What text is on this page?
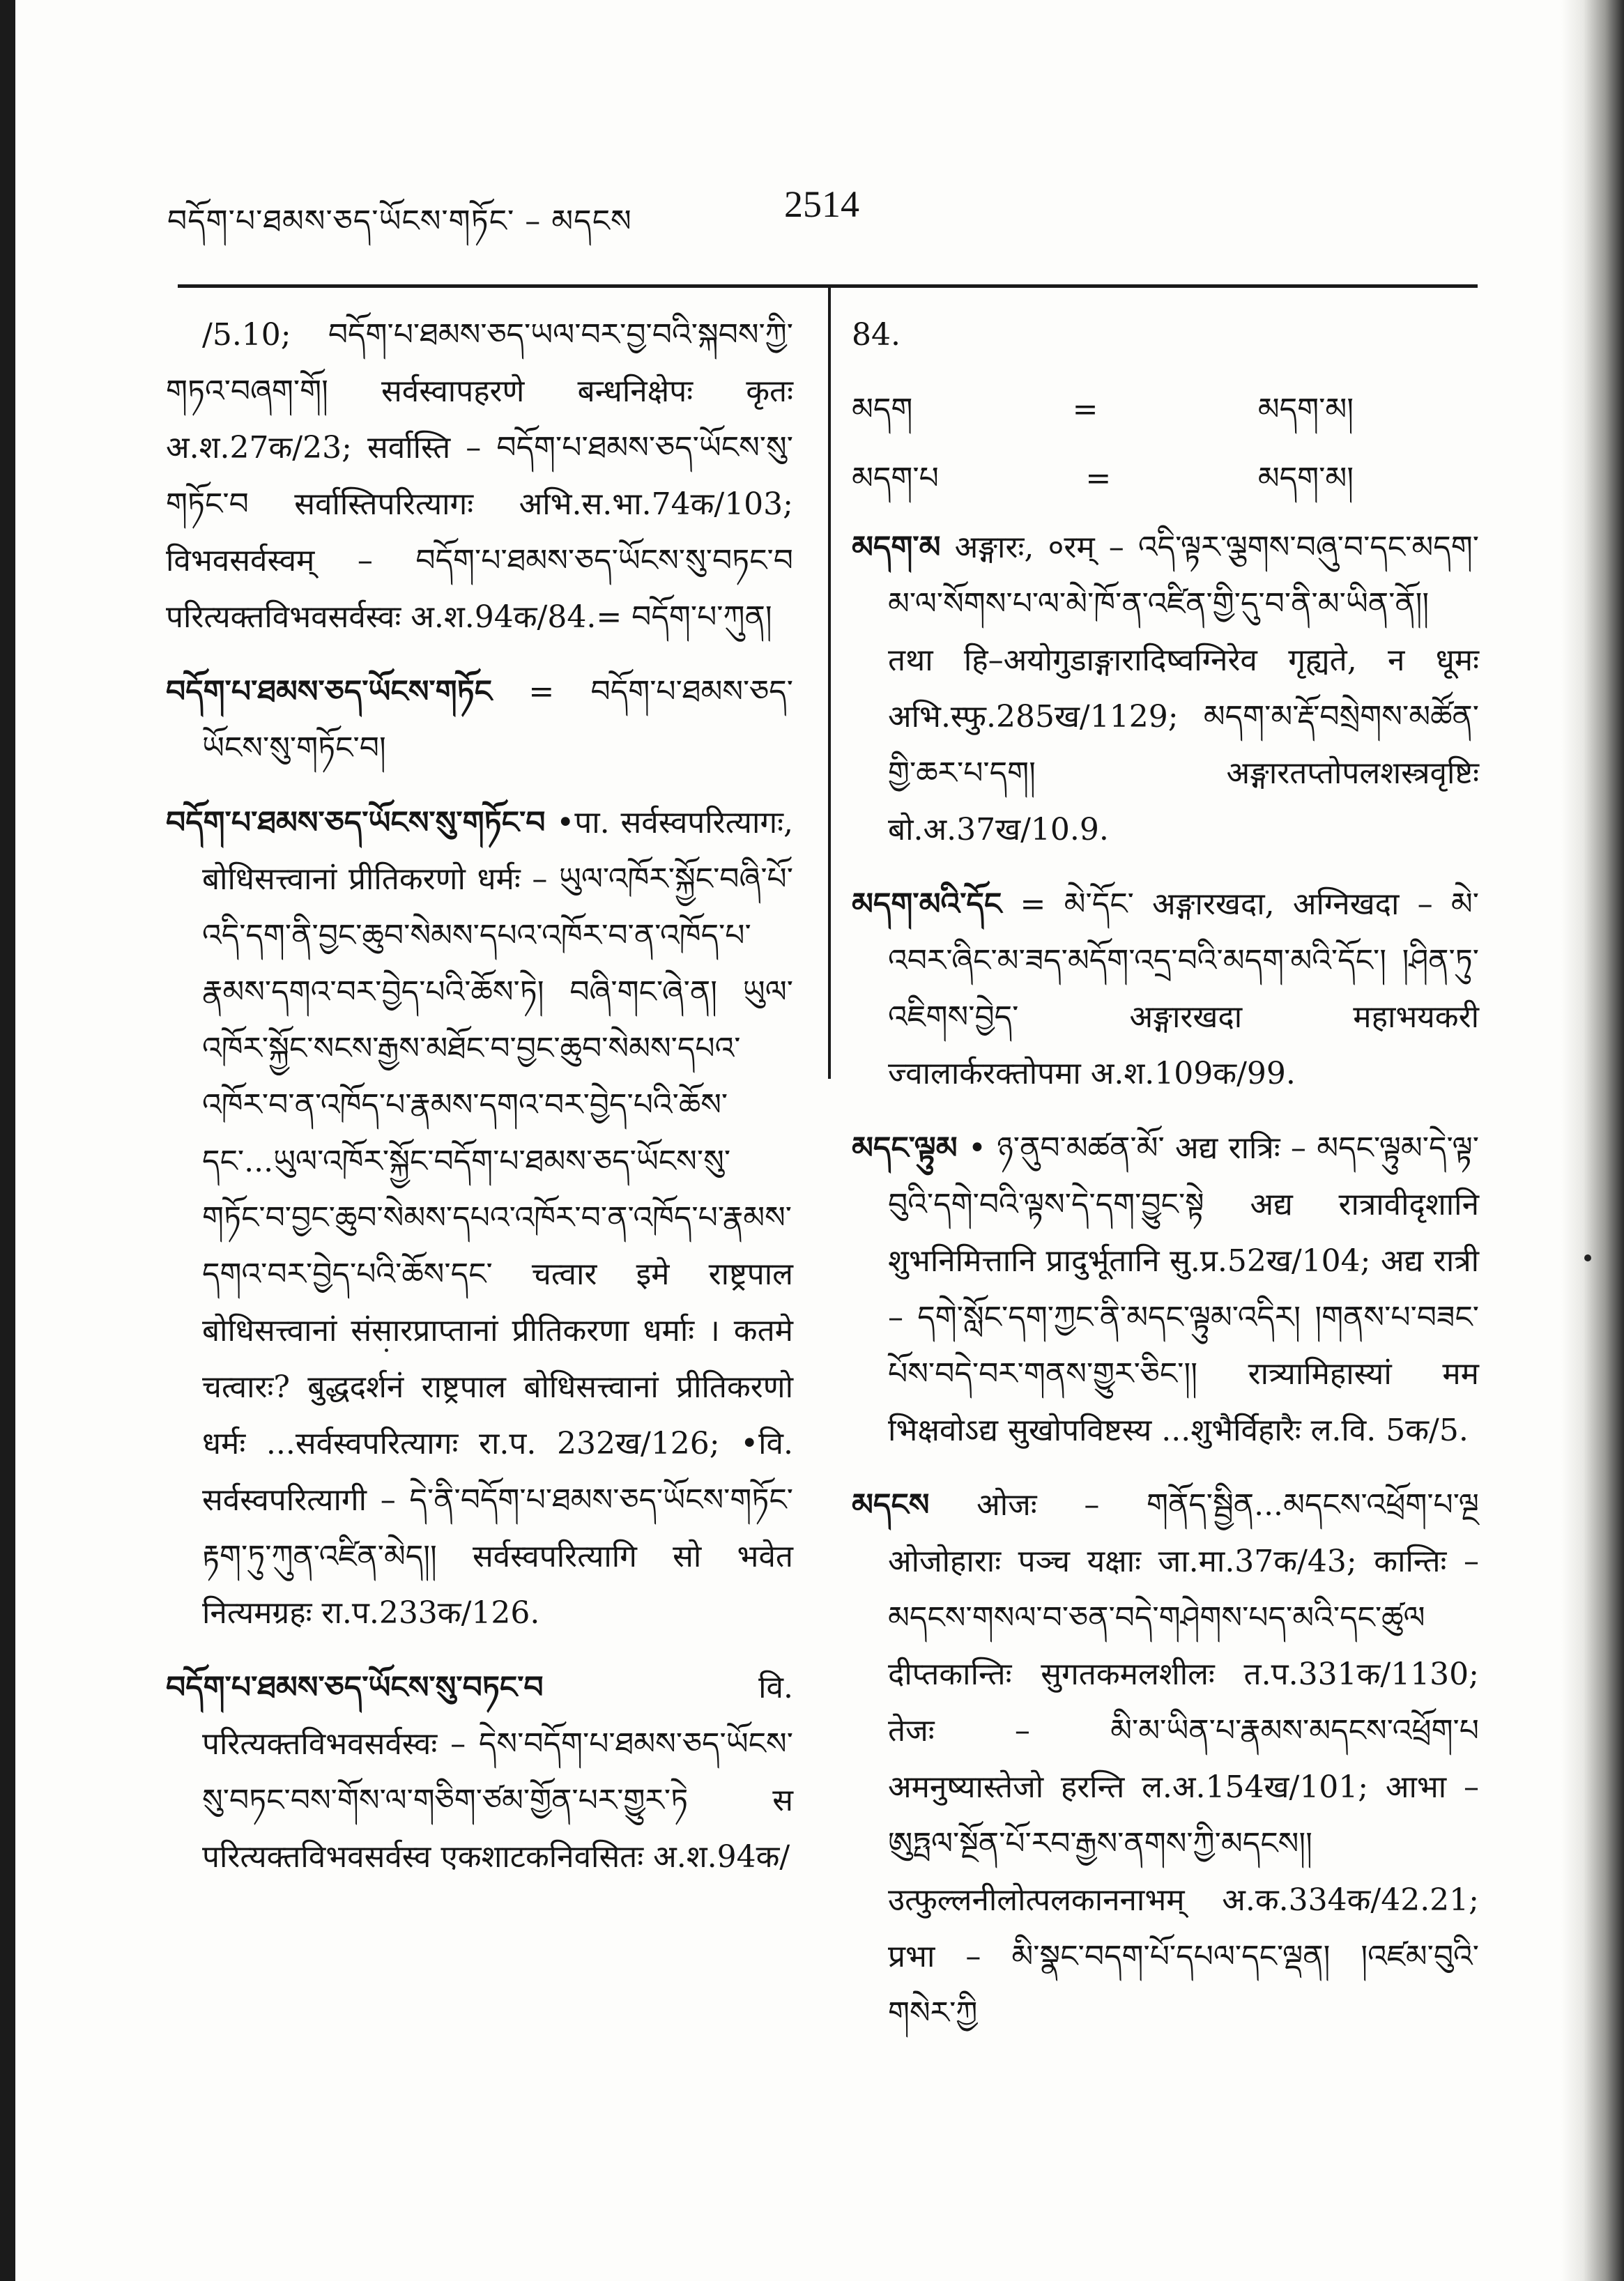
བདོག་པ་ཐམས་ཅད་ཡོངས་གཏོང་ – མདངས	2514

/5.10; བདོག་པ་ཐམས་ཅད་ཡལ་བར་བྱ་བའི་སྐབས་ཀྱི་གཏའ་བཞག་གོ། सर्वस्वापहरणे बन्धनिक्षेपः कृतः अ.श.27क/23; सर्वास्ति – བདོག་པ་ཐམས་ཅད་ཡོངས་སུ་གཏོང་བ सर्वास्तिपरित्यागः अभि.स.भा.74क/103; विभवसर्वस्वम् – བདོག་པ་ཐམས་ཅད་ཡོངས་སུ་བཏང་བ परित्यक्तविभवसर्वस्वः अ.श.94क/84.= བདོག་པ་ཀུན།

བདོག་པ་ཐམས་ཅད་ཡོངས་གཏོང = བདོག་པ་ཐམས་ཅད་ཡོངས་སུ་གཏོང་བ།

བདོག་པ་ཐམས་ཅད་ཡོངས་སུ་གཏོང་བ •पा. सर्वस्वपरित्यागः, बोधिसत्त्वानां प्रीतिकरणो धर्मः – ཡུལ་འཁོར་སྐྱོང་བཞི་པོ་འདི་དག་ནི་བྱང་ཆུབ་སེམས་དཔའ་འཁོར་བ་ན་འཁོད་པ་རྣམས་དགའ་བར་བྱེད་པའི་ཆོས་ཏེ། བཞི་གང་ཞེ་ན། ཡུལ་འཁོར་སྐྱོང་སངས་རྒྱས་མཐོང་བ་བྱང་ཆུབ་སེམས་དཔའ་འཁོར་བ་ན་འཁོད་པ་རྣམས་དགའ་བར་བྱེད་པའི་ཆོས་དང་...ཡུལ་འཁོར་སྐྱོང་བདོག་པ་ཐམས་ཅད་ཡོངས་སུ་གཏོང་བ་བྱང་ཆུབ་སེམས་དཔའ་འཁོར་བ་ན་འཁོད་པ་རྣམས་དགའ་བར་བྱེད་པའི་ཆོས་དང་ चत्वार इमे राष्ट्रपाल बोधिसत्त्वानां संसारप्राप्तानां प्रीतिकरणा धर्माः । कतमे चत्वारः? बुद्धदर्शनं राष्ट्रपाल बोधिसत्त्वानां प्रीतिकरणो धर्मः ...सर्वस्वपरित्यागः रा.प. 232ख/126; •वि. सर्वस्वपरित्यागी – དེ་ནི་བདོག་པ་ཐམས་ཅད་ཡོངས་གཏོང་རྟག་ཏུ་ཀུན་འཛིན་མེད།། सर्वस्वपरित्यागि सो भवेत नित्यमग्रहः रा.प.233क/126.

བདོག་པ་ཐམས་ཅད་ཡོངས་སུ་བཏང་བ	वि. परित्यक्तविभवसर्वस्वः – དེས་བདོག་པ་ཐམས་ཅད་ཡོངས་སུ་བཏང་བས་གོས་ལ་གཅིག་ཙམ་གྱོན་པར་གྱུར་ཏེ स परित्यक्तविभवसर्वस्व एकशाटकनिवसितः अ.श.94क/

84.

མདག	=	མདག་མ།
མདག་པ	=	མདག་མ།

མདག་མ अङ्गारः, ०रम् – འདི་ལྟར་ལྕགས་བཞུ་བ་དང་མདག་མ་ལ་སོགས་པ་ལ་མེ་ཁོ་ན་འཛིན་གྱི་དུ་བ་ནི་མ་ཡིན་ནོ།། तथा हि–अयोगुडाङ्गारादिष्वग्निरेव गृह्यते, न धूमः अभि.स्फु.285ख/1129; མདག་མ་རྡོ་བསྲེགས་མཚོན་གྱི་ཆར་པ་དག། अङ्गारतप्तोपलशस्त्रवृष्टिः बो.अ.37ख/10.9.

མདག་མའི་དོང = མེ་དོང་ अङ्गारखदा, अग्निखदा – མེ་འབར་ཞིང་མ་ཟད་མདོག་འདྲ་བའི་མདག་མའི་དོང་། །ཤིན་ཏུ་འཇིགས་བྱེད་ अङ्गारखदा महाभयकरी ज्वालार्करक्तोपमा अ.श.109क/99.

མདང་ལྟུམ • ཉ་ནུབ་མཚན་མོ་ अद्य रात्रिः – མདང་ལྟུམ་དེ་ལྟ་བུའི་དགེ་བའི་ལྟས་དེ་དག་བྱུང་སྟེ अद्य रात्रावीदृशानि शुभनिमित्तानि प्रादुर्भूतानि सु.प्र.52ख/104; अद्य रात्री – དགེ་སློང་དག་ཀྱང་ནི་མདང་ལྟུམ་འདིར། །གནས་པ་བཟང་པོས་བདེ་བར་གནས་གྱུར་ཅིང་།། रात्र्यामिहास्यां मम भिक्षवोऽद्य सुखोपविष्टस्य ...शुभैर्विहारैः ल.वि. 5क/5.

མདངས ओजः – གནོད་སྦྱིན...མདངས་འཕྲོག་པ་ལྔ ओजोहाराः पञ्च यक्षाः जा.मा.37क/43; कान्तिः – མདངས་གསལ་བ་ཅན་བདེ་གཤེགས་པད་མའི་དང་ཚུལ दीप्तकान्तिः सुगतकमलशीलः त.प.331क/1130; तेजः – མི་མ་ཡིན་པ་རྣམས་མདངས་འཕྲོག་པ अमनुष्यास्तेजो हरन्ति ल.अ.154ख/101; आभा – ཨུཏྤལ་སྔོན་པོ་རབ་རྒྱས་ནགས་ཀྱི་མདངས།། उत्फुल्लनीलोत्पलकाननाभम् अ.क.334क/42.21; प्रभा – མི་སྣང་བདག་པོ་དཔལ་དང་ལྡན། །འཛམ་བུའི་གསེར་ཀྱི
